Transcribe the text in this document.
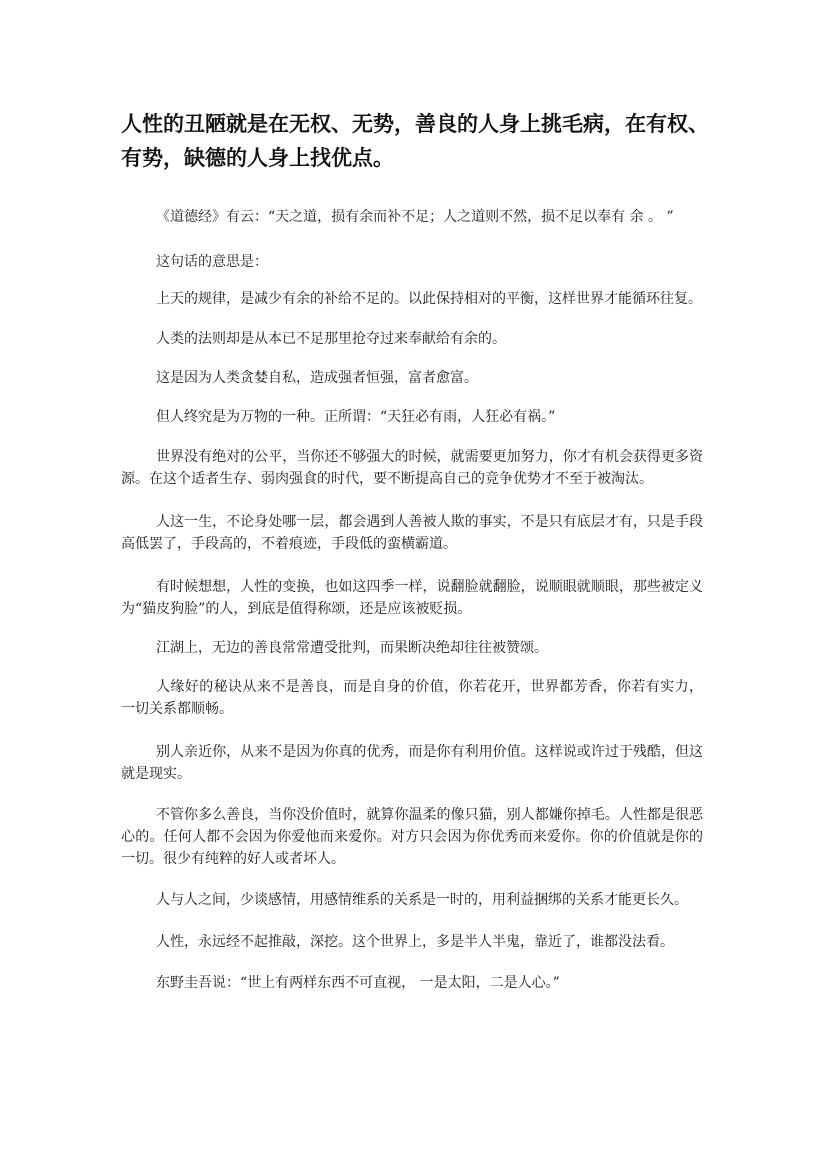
人性的丑陋就是在无权、无势，善良的人身上挑毛病，在有权、有势，缺德的人身上找优点。

《道德经》有云：“天之道，损有余而补不足；人之道则不然，损不足以奉有 余 。 ”

这句话的意思是：

上天的规律，是减少有余的补给不足的。以此保持相对的平衡，这样世界才能循环往复。

人类的法则却是从本已不足那里抢夺过来奉献给有余的。

这是因为人类贪婪自私，造成强者恒强，富者愈富。

但人终究是为万物的一种。正所谓：“天狂必有雨，人狂必有祸。”

世界没有绝对的公平，当你还不够强大的时候，就需要更加努力，你才有机会获得更多资源。在这个适者生存、弱肉强食的时代，要不断提高自己的竞争优势才不至于被淘汰。

人这一生，不论身处哪一层，都会遇到人善被人欺的事实，不是只有底层才有，只是手段高低罢了，手段高的，不着痕迹，手段低的蛮横霸道。

有时候想想，人性的变换，也如这四季一样，说翻脸就翻脸，说顺眼就顺眼，那些被定义为“猫皮狗脸”的人，到底是值得称颂，还是应该被贬损。

江湖上，无边的善良常常遭受批判，而果断决绝却往往被赞颂。

人缘好的秘诀从来不是善良，而是自身的价值，你若花开，世界都芳香，你若有实力， 一切关系都顺畅。

别人亲近你，从来不是因为你真的优秀，而是你有利用价值。这样说或许过于残酷，但这就是现实。

不管你多么善良，当你没价值时，就算你温柔的像只猫，别人都嫌你掉毛。人性都是很恶心的。任何人都不会因为你爱他而来爱你。对方只会因为你优秀而来爱你。你的价值就是你的一切。很少有纯粹的好人或者坏人。

人与人之间，少谈感情，用感情维系的关系是一时的，用利益捆绑的关系才能更长久。

人性，永远经不起推敲，深挖。这个世界上，多是半人半鬼，靠近了，谁都没法看。

东野圭吾说：“世上有两样东西不可直视， 一是太阳，二是人心。”
